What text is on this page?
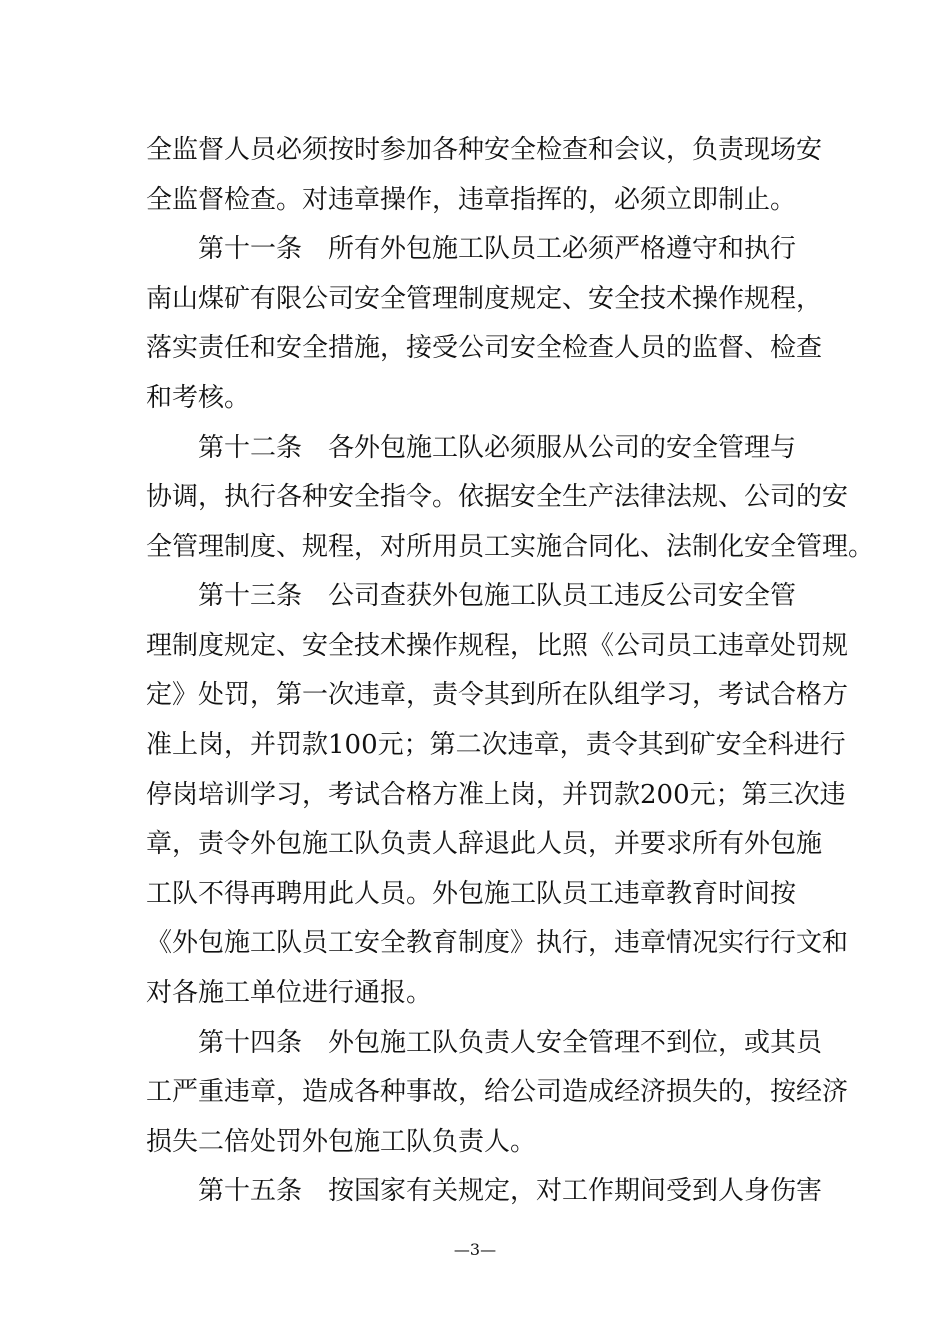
全监督人员必须按时参加各种安全检查和会议，负责现场安
全监督检查。对违章操作，违章指挥的，必须立即制止。
第十一条　所有外包施工队员工必须严格遵守和执行
南山煤矿有限公司安全管理制度规定、安全技术操作规程，
落实责任和安全措施，接受公司安全检查人员的监督、检查
和考核。
第十二条　各外包施工队必须服从公司的安全管理与
协调，执行各种安全指令。依据安全生产法律法规、公司的安
全管理制度、规程，对所用员工实施合同化、法制化安全管理。
第十三条　公司查获外包施工队员工违反公司安全管
理制度规定、安全技术操作规程，比照《公司员工违章处罚规
定》处罚，第一次违章，责令其到所在队组学习，考试合格方
准上岗，并罚款100元；第二次违章，责令其到矿安全科进行
停岗培训学习，考试合格方准上岗，并罚款200元；第三次违
章，责令外包施工队负责人辞退此人员，并要求所有外包施
工队不得再聘用此人员。外包施工队员工违章教育时间按
《外包施工队员工安全教育制度》执行，违章情况实行行文和
对各施工单位进行通报。
第十四条　外包施工队负责人安全管理不到位，或其员
工严重违章，造成各种事故，给公司造成经济损失的，按经济
损失二倍处罚外包施工队负责人。
第十五条　按国家有关规定，对工作期间受到人身伤害
—3—
